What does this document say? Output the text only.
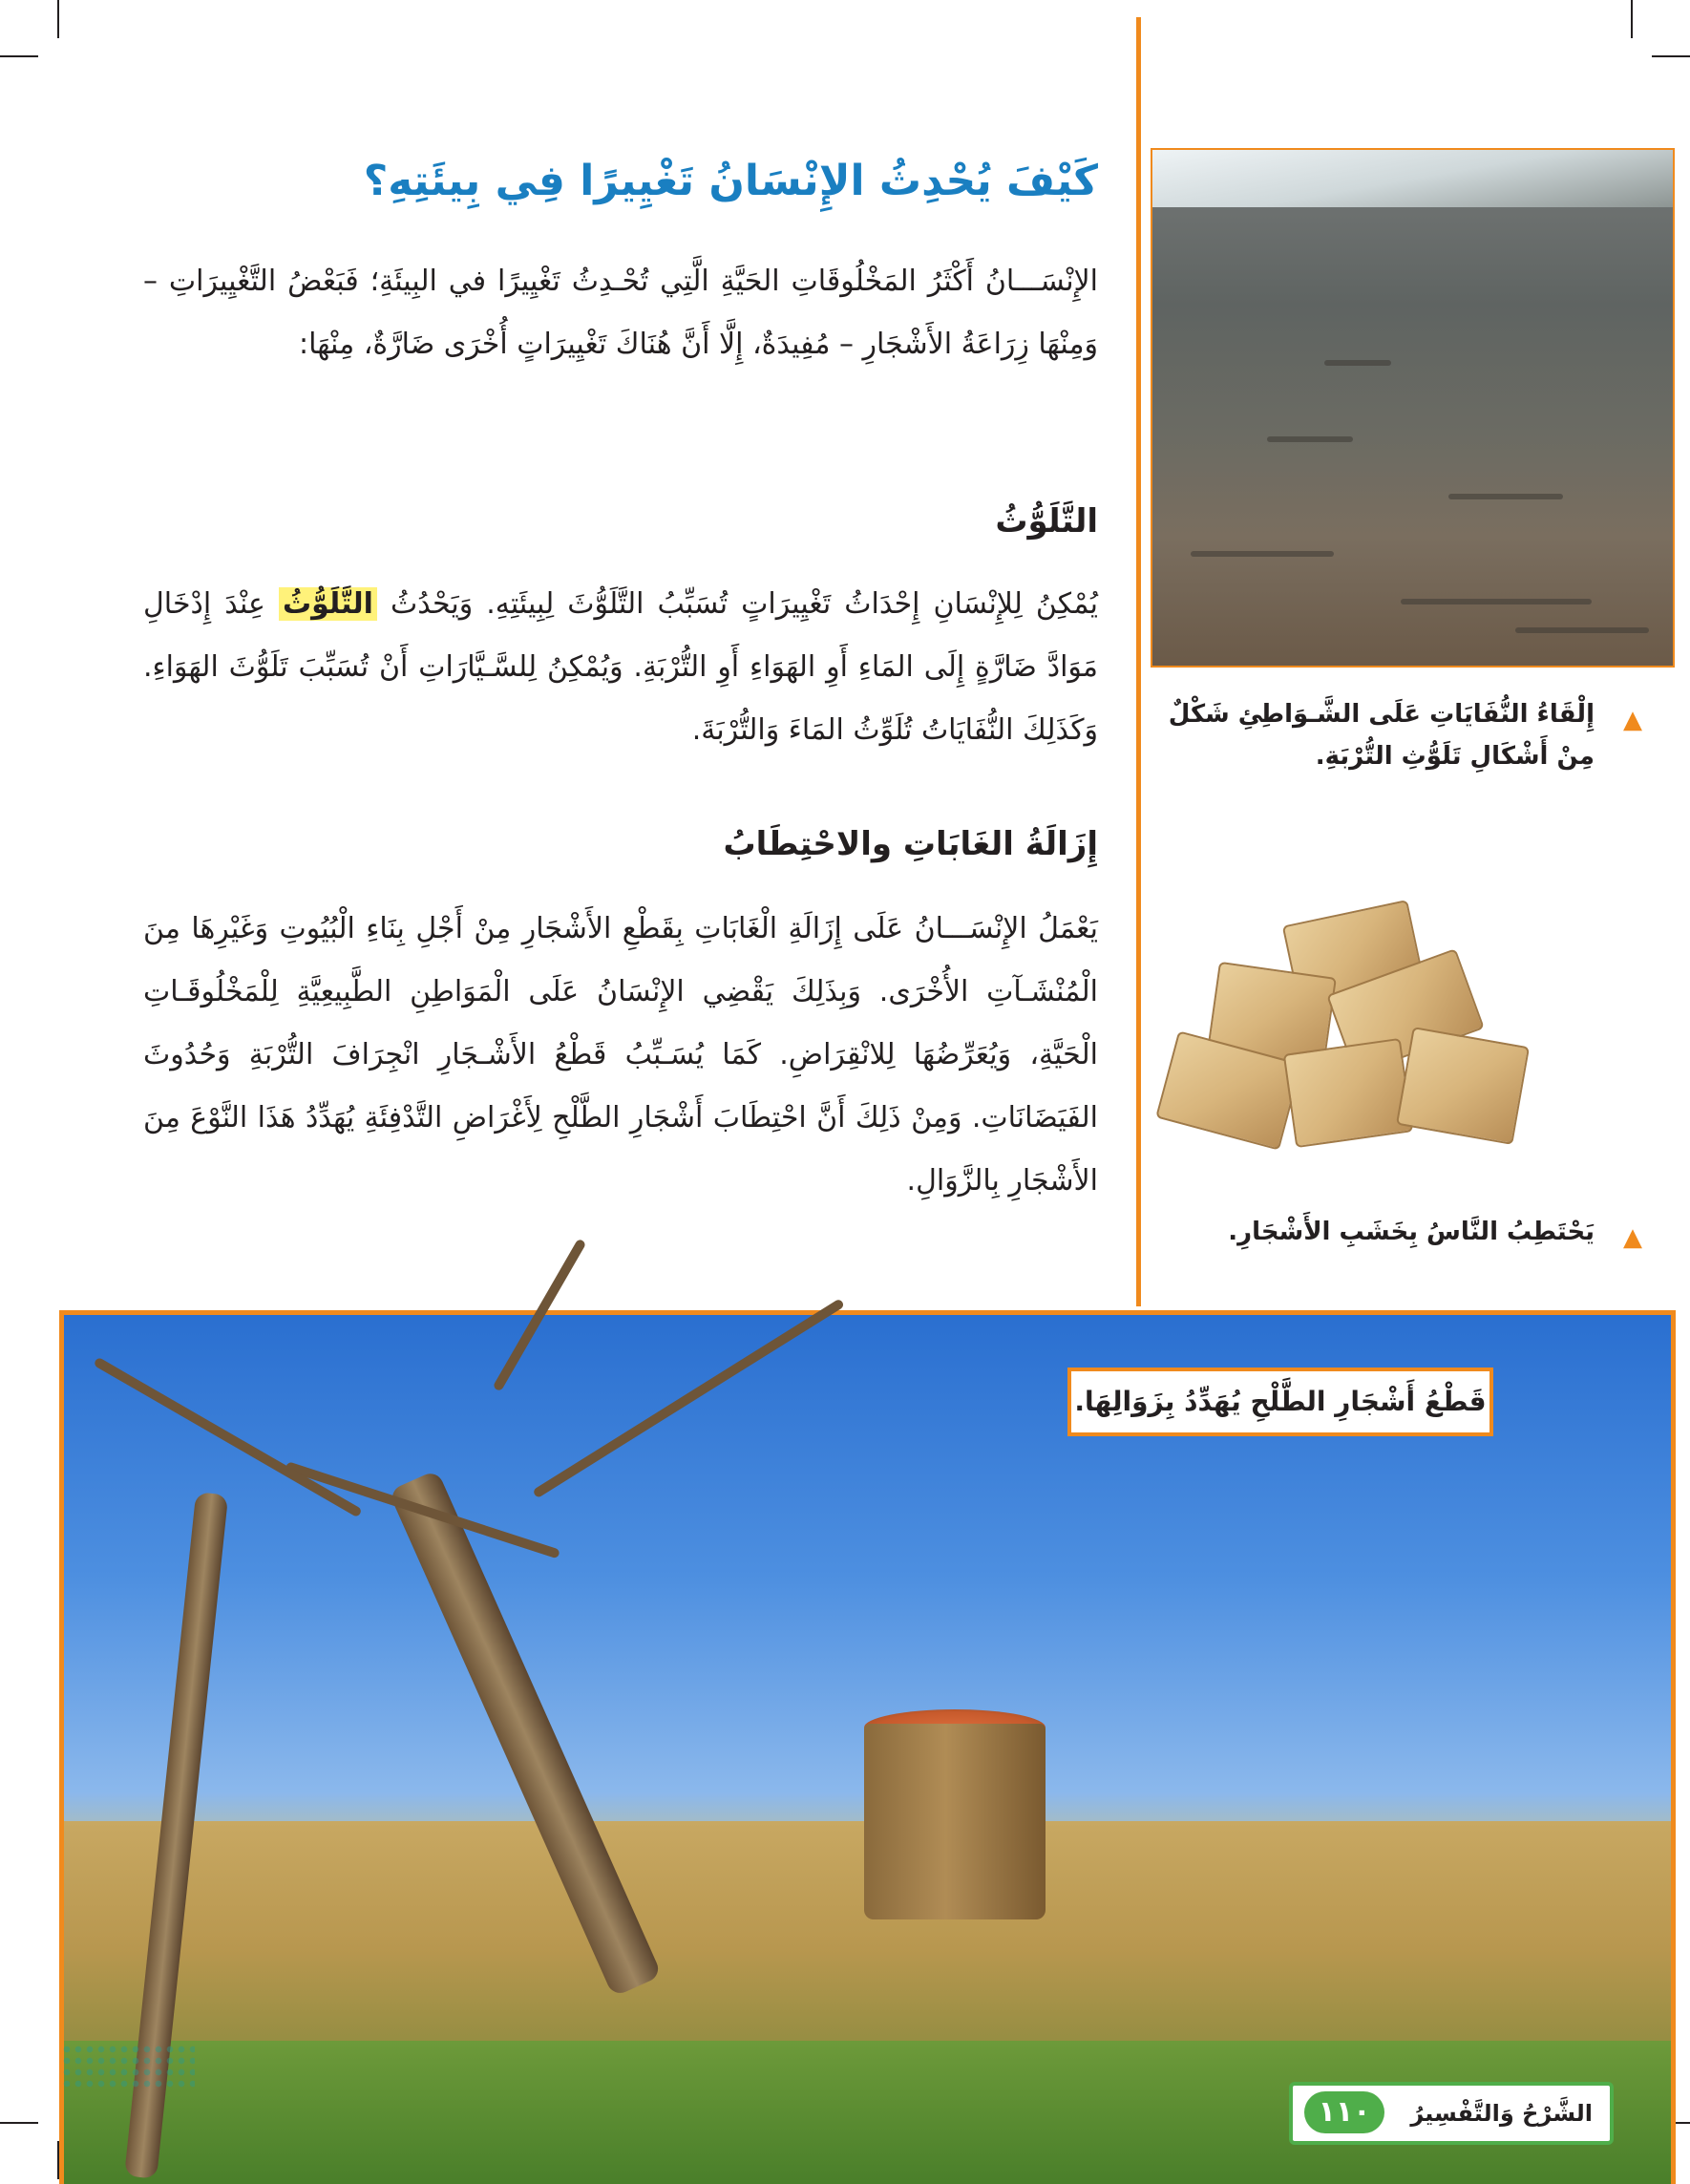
كَيْفَ يُحْدِثُ الإِنْسَانُ تَغْيِيرًا فِي بِيئَتِهِ؟

الإِنْسَـــانُ أَكْثَرُ المَخْلُوقَاتِ الحَيَّةِ الَّتِي تُحْـدِثُ تَغْيِيرًا في البِيئَةِ؛ فَبَعْضُ التَّغْيِيرَاتِ – وَمِنْهَا زِرَاعَةُ الأَشْجَارِ – مُفِيدَةٌ، إِلَّا أَنَّ هُنَاكَ تَغْيِيرَاتٍ أُخْرَى ضَارَّةٌ، مِنْهَا:

التَّلَوُّثُ

يُمْكِنُ لِلإِنْسَانِ إِحْدَاثُ تَغْيِيرَاتٍ تُسَبِّبُ التَّلَوُّثَ لِبِيئَتِهِ. وَيَحْدُثُ التَّلَوُّثُ عِنْدَ إِدْخَالِ مَوَادَّ ضَارَّةٍ إِلَى المَاءِ أَوِ الهَوَاءِ أَوِ التُّرْبَةِ. وَيُمْكِنُ لِلسَّـيَّارَاتِ أَنْ تُسَبِّبَ تَلَوُّثَ الهَوَاءِ. وَكَذَلِكَ النُّفَايَاتُ تُلَوِّثُ المَاءَ وَالتُّرْبَةَ.

إِزَالَةُ الغَابَاتِ والاحْتِطَابُ

يَعْمَلُ الإِنْسَـــانُ عَلَى إِزَالَةِ الْغَابَاتِ بِقَطْعِ الأَشْجَارِ مِنْ أَجْلِ بِنَاءِ الْبُيُوتِ وَغَيْرِهَا مِنَ الْمُنْشَـآتِ الأُخْرَى. وَبِذَلِكَ يَقْضِي الإِنْسَانُ عَلَى الْمَوَاطِنِ الطَّبِيعِيَّةِ لِلْمَخْلُوقَـاتِ الْحَيَّةِ، وَيُعَرِّضُهَا لِلانْقِرَاضِ. كَمَا يُسَـبِّبُ قَطْعُ الأَشْـجَارِ انْجِرَافَ التُّرْبَةِ وَحُدُوثَ الفَيَضَانَاتِ. وَمِنْ ذَلِكَ أَنَّ احْتِطَابَ أَشْجَارِ الطَّلْحِ لِأَغْرَاضِ التَّدْفِئَةِ يُهَدِّدُ هَذَا النَّوْعَ مِنَ الأَشْجَارِ بِالزَّوَالِ.

▲
إِلْقَاءُ النُّفَايَاتِ عَلَى الشَّـوَاطِئِ شَكْلٌ مِنْ أَشْكَالِ تَلَوُّثِ التُّرْبَةِ.
▲
يَحْتَطِبُ النَّاسُ بِخَشَبِ الأَشْجَارِ.
قَطْعُ أَشْجَارِ الطَّلْحِ يُهَدِّدُ بِزَوَالِهَا.
الشَّرْحُ وَالتَّفْسِيرُ
١١٠
